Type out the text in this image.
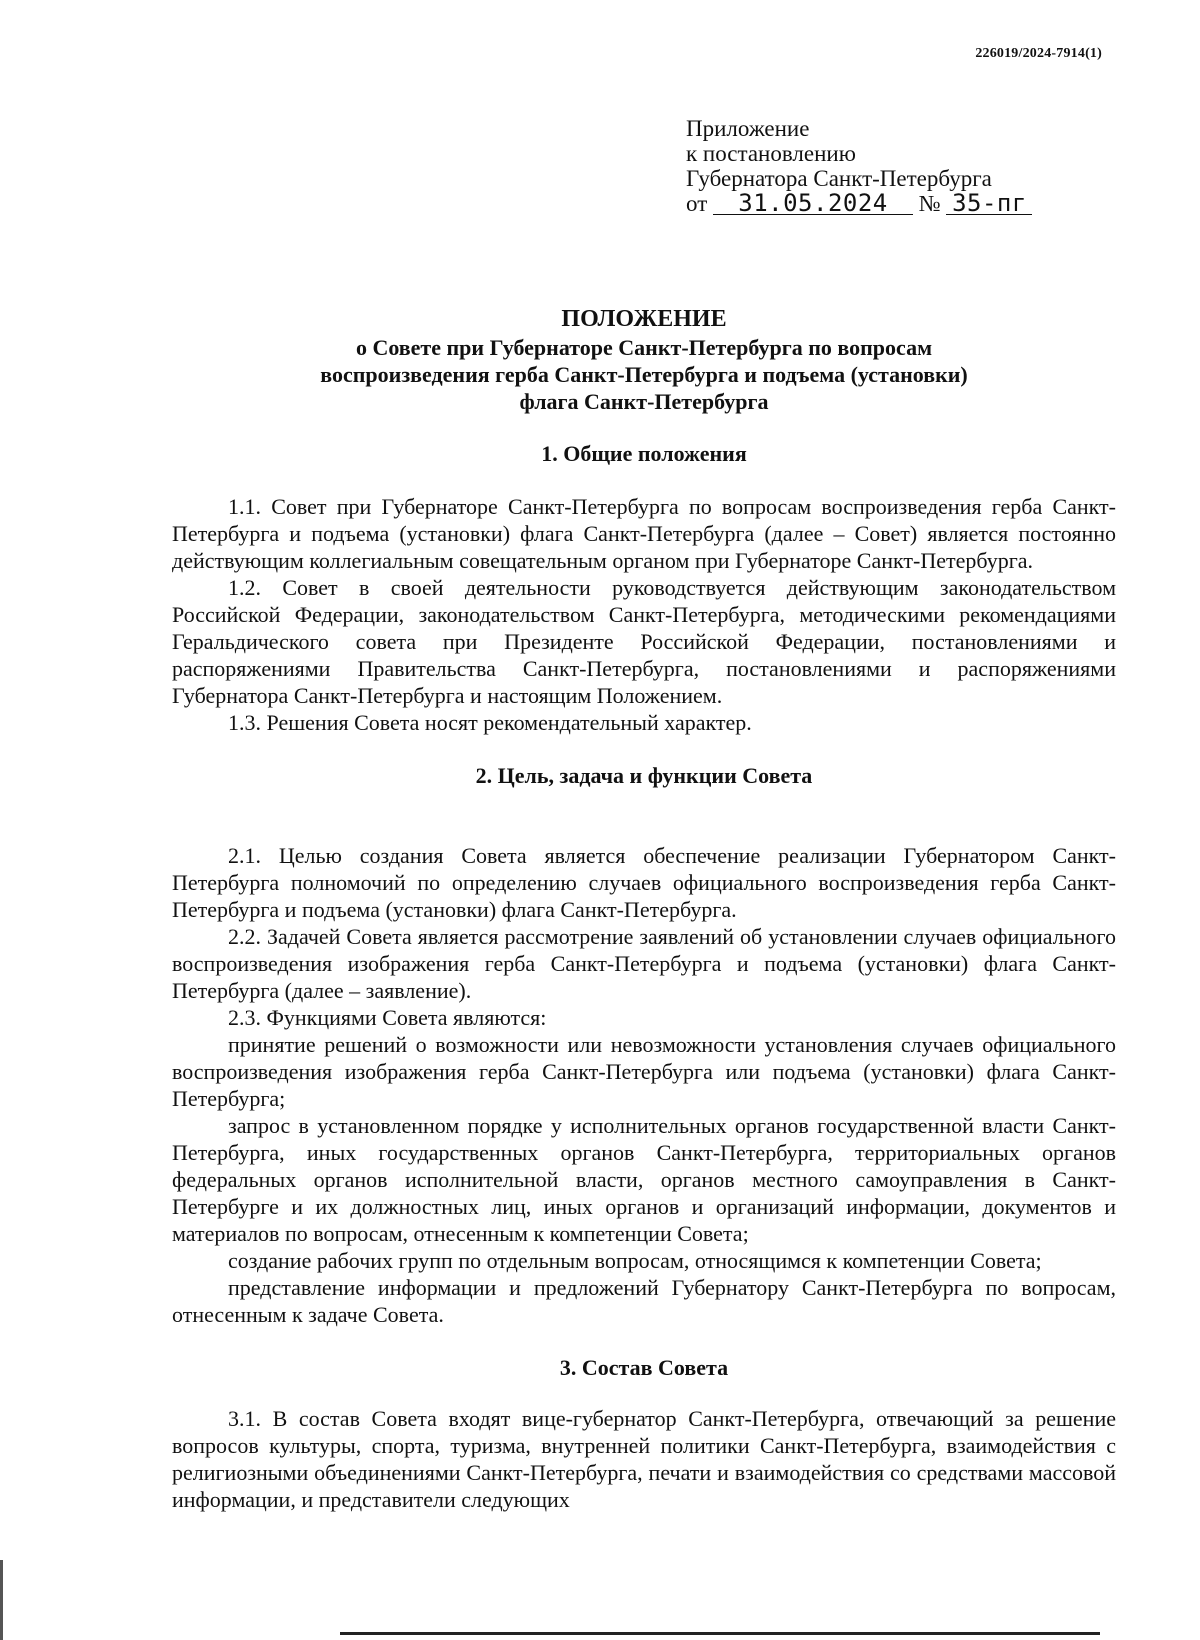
226019/2024-7914(1)
Приложение
к постановлению
Губернатора Санкт-Петербурга
от 31.05.2024 № 35-пг
ПОЛОЖЕНИЕ
о Совете при Губернаторе Санкт-Петербурга по вопросам
воспроизведения герба Санкт-Петербурга и подъема (установки)
флага Санкт-Петербурга
1. Общие положения

1.1. Совет при Губернаторе Санкт-Петербурга по вопросам воспроизведения герба Санкт-Петербурга и подъема (установки) флага Санкт-Петербурга (далее – Совет) является постоянно действующим коллегиальным совещательным органом при Губернаторе Санкт-Петербурга.

1.2. Совет в своей деятельности руководствуется действующим законодательством Российской Федерации, законодательством Санкт-Петербурга, методическими рекомендациями Геральдического совета при Президенте Российской Федерации, постановлениями и распоряжениями Правительства Санкт-Петербурга, постановлениями и распоряжениями Губернатора Санкт-Петербурга и настоящим Положением.

1.3. Решения Совета носят рекомендательный характер.

2. Цель, задача и функции Совета

2.1. Целью создания Совета является обеспечение реализации Губернатором Санкт-Петербурга полномочий по определению случаев официального воспроизведения герба Санкт-Петербурга и подъема (установки) флага Санкт-Петербурга.

2.2. Задачей Совета является рассмотрение заявлений об установлении случаев официального воспроизведения изображения герба Санкт-Петербурга и подъема (установки) флага Санкт-Петербурга (далее – заявление).

2.3. Функциями Совета являются:

принятие решений о возможности или невозможности установления случаев официального воспроизведения изображения герба Санкт-Петербурга или подъема (установки) флага Санкт-Петербурга;

запрос в установленном порядке у исполнительных органов государственной власти Санкт-Петербурга, иных государственных органов Санкт-Петербурга, территориальных органов федеральных органов исполнительной власти, органов местного самоуправления в Санкт-Петербурге и их должностных лиц, иных органов и организаций информации, документов и материалов по вопросам, отнесенным к компетенции Совета;

создание рабочих групп по отдельным вопросам, относящимся к компетенции Совета;

представление информации и предложений Губернатору Санкт-Петербурга по вопросам, отнесенным к задаче Совета.

3. Состав Совета

3.1. В состав Совета входят вице-губернатор Санкт-Петербурга, отвечающий за решение вопросов культуры, спорта, туризма, внутренней политики Санкт-Петербурга, взаимодействия с религиозными объединениями Санкт-Петербурга, печати и взаимодействия со средствами массовой информации, и представители следующих
